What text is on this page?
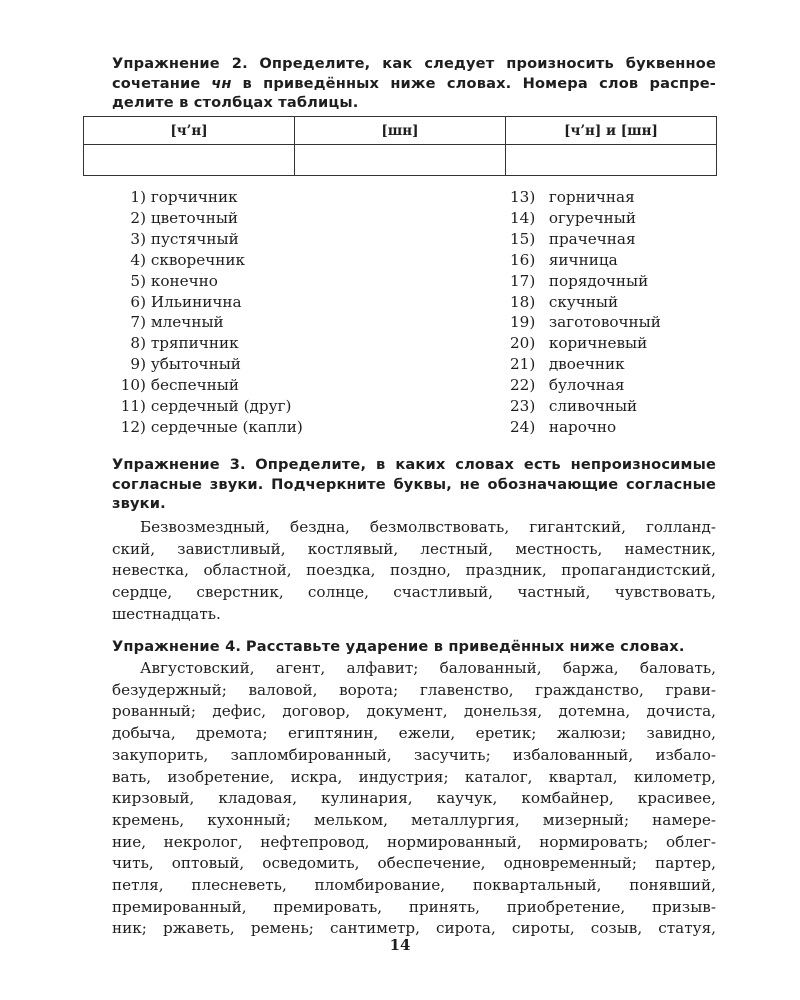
Упражнение 2. Определите, как следует произносить буквенное
сочетание чн в приведённых ниже словах. Номера слов распре-
делите в столбцах таблицы.
[ч’н]	[шн]	[ч’н] и [шн]

1) горчичник
2) цветочный
3) пустячный
4) скворечник
5) конечно
6) Ильинична
7) млечный
8) тряпичник
9) убыточный
10) беспечный
11) сердечный (друг)
12) сердечные (капли)
13) горничная
14) огуречный
15) прачечная
16) яичница
17) порядочный
18) скучный
19) заготовочный
20) коричневый
21) двоечник
22) булочная
23) сливочный
24) нарочно
Упражнение 3. Определите, в каких словах есть непроизносимые
согласные звуки. Подчеркните буквы, не обозначающие согласные
звуки.
Безвозмездный, бездна, безмолвствовать, гигантский, голланд-
ский, завистливый, костлявый, лестный, местность, наместник,
невестка, областной, поездка, поздно, праздник, пропагандистский,
сердце, сверстник, солнце, счастливый, частный, чувствовать,
шестнадцать.
Упражнение 4. Расставьте ударение в приведённых ниже словах.
Августовский, агент, алфавит; балованный, баржа, баловать,
безудержный; валовой, ворота; главенство, гражданство, грави-
рованный; дефис, договор, документ, донельзя, дотемна, дочиста,
добыча, дремота; египтянин, ежели, еретик; жалюзи; завидно,
закупорить, запломбированный, засучить; избалованный, избало-
вать, изобретение, искра, индустрия; каталог, квартал, километр,
кирзовый, кладовая, кулинария, каучук, комбайнер, красивее,
кремень, кухонный; мельком, металлургия, мизерный; намере-
ние, некролог, нефтепровод, нормированный, нормировать; облег-
чить, оптовый, осведомить, обеспечение, одновременный; партер,
петля, плесневеть, пломбирование, поквартальный, понявший,
премированный, премировать, принять, приобретение, призыв-
ник; ржаветь, ремень; сантиметр, сирота, сироты, созыв, статуя,
14
